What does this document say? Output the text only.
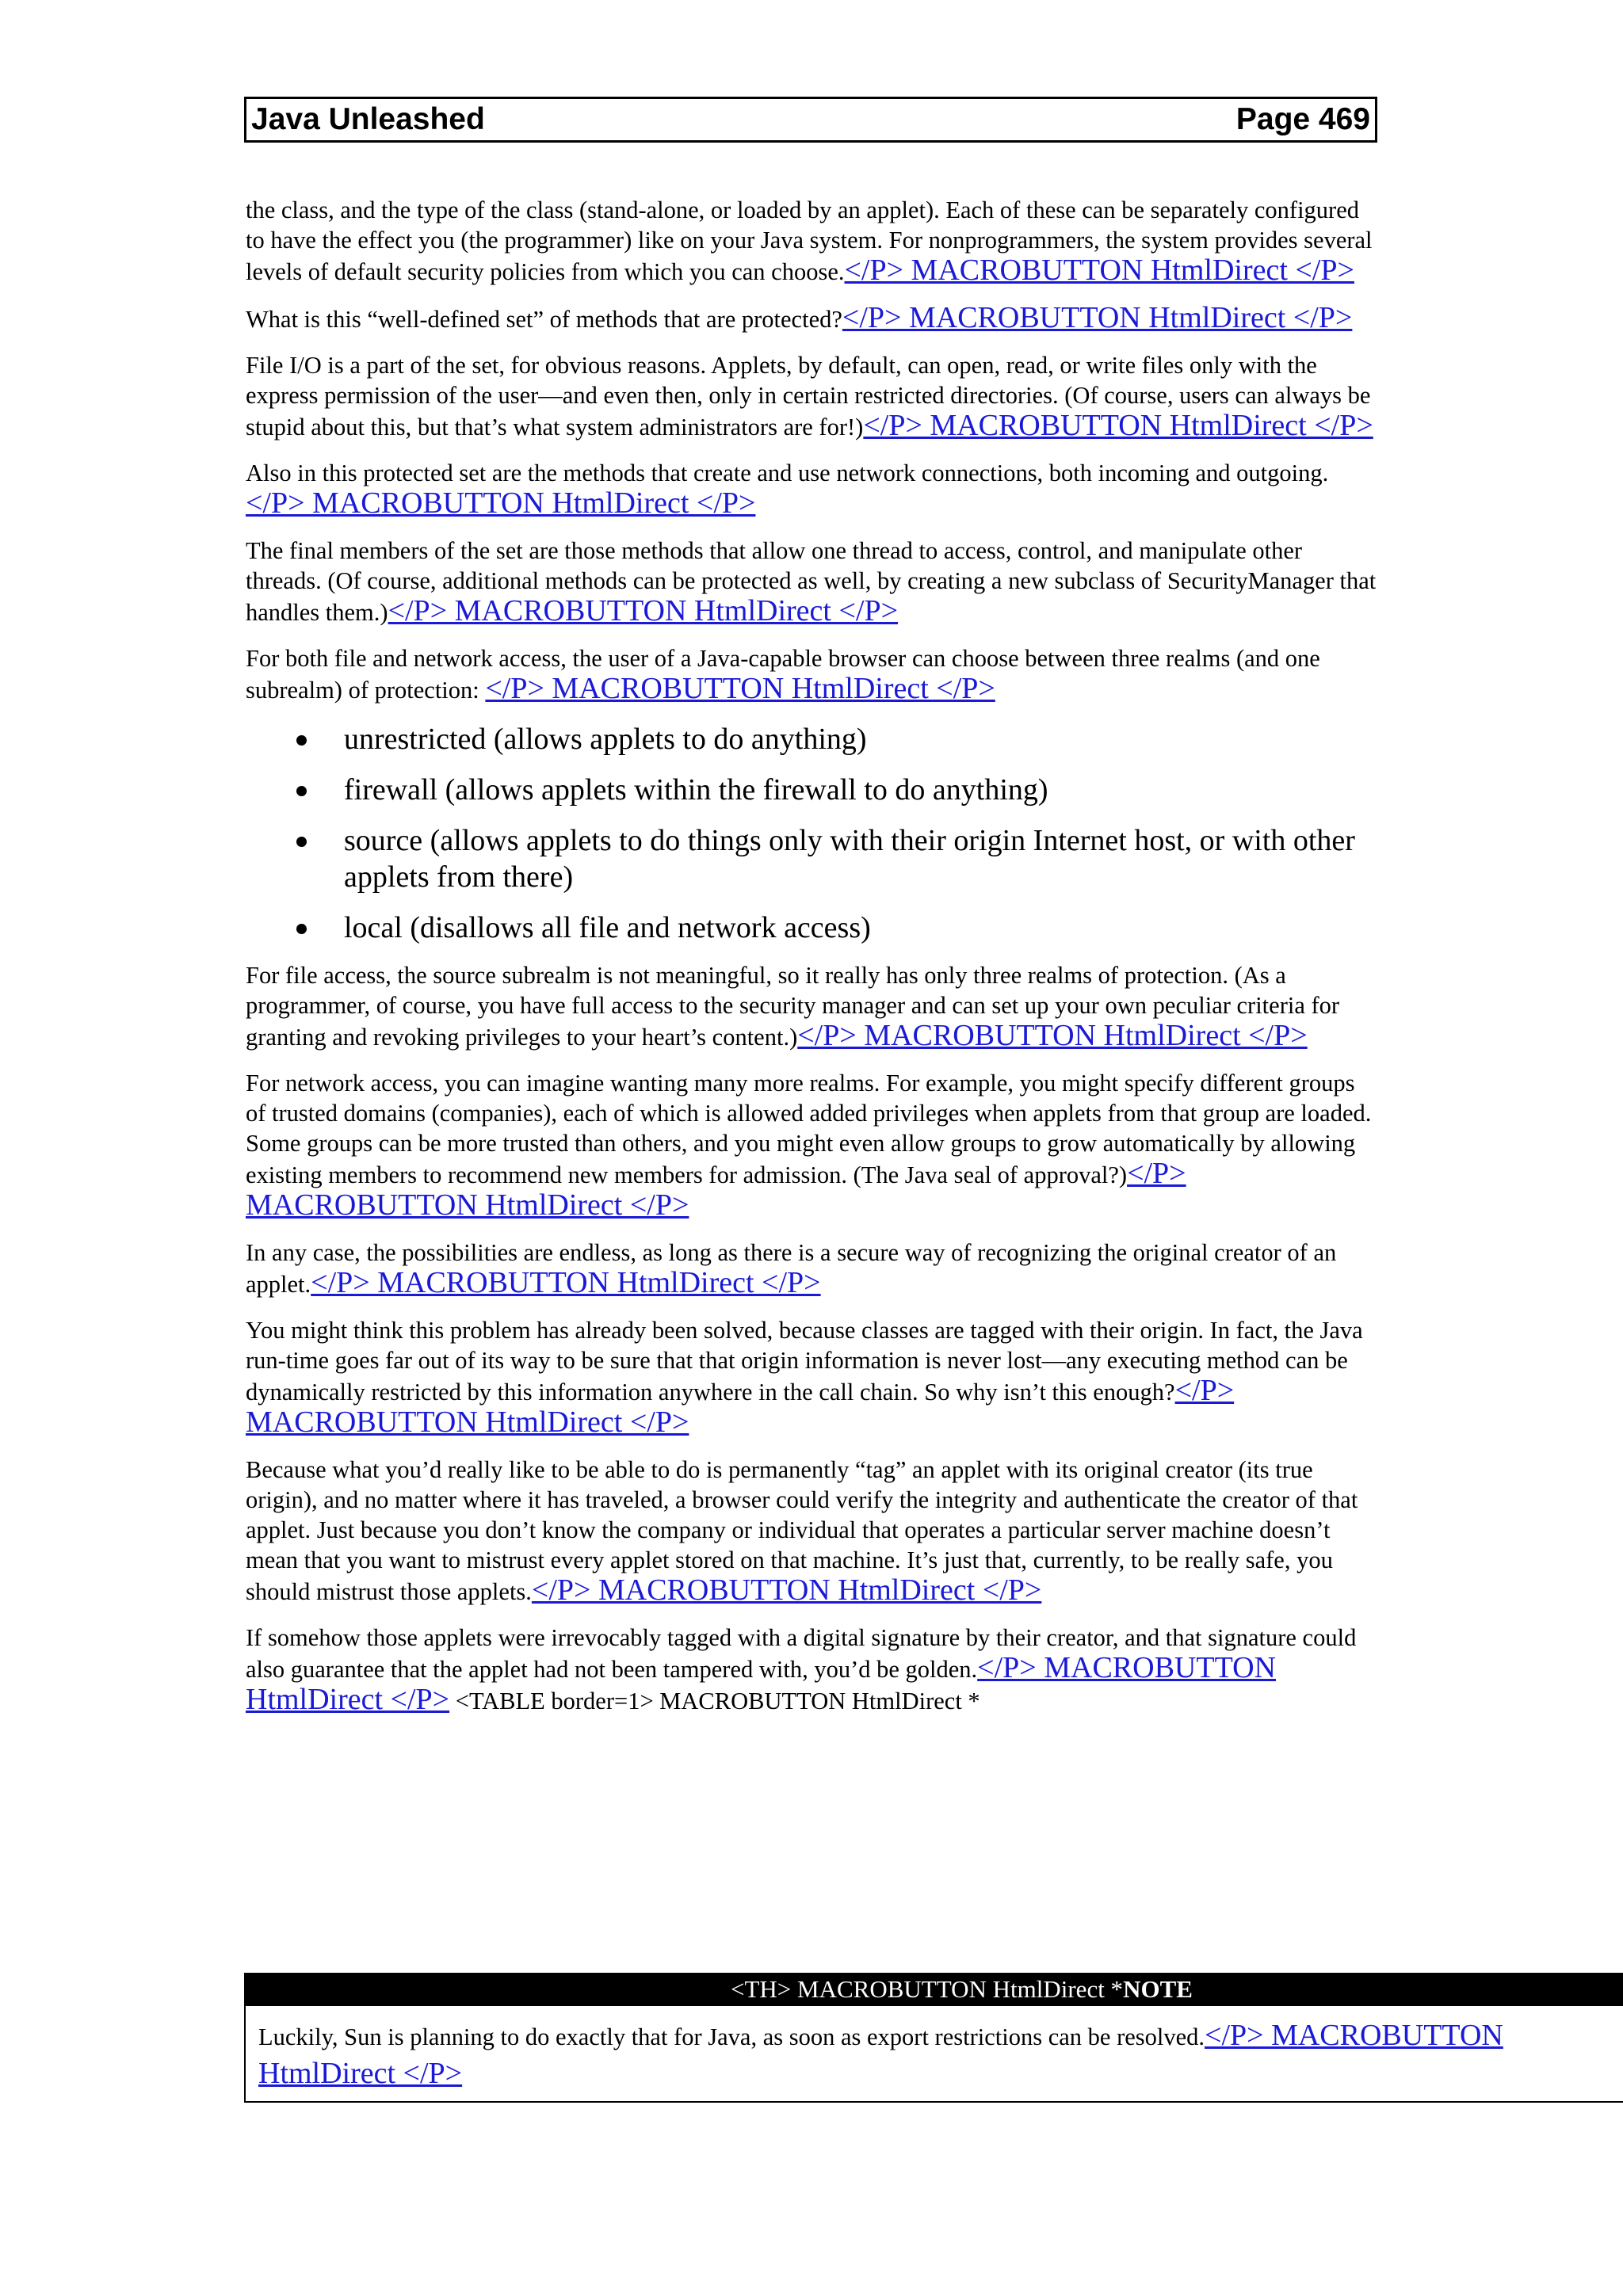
Java Unleashed	Page 469

the class, and the type of the class (stand-alone, or loaded by an applet). Each of these can be separately configured to have the effect you (the programmer) like on your Java system. For nonprogrammers, the system provides several levels of default security policies from which you can choose.</P> MACROBUTTON HtmlDirect </P>

What is this “well-defined set” of methods that are protected?</P> MACROBUTTON HtmlDirect </P>

File I/O is a part of the set, for obvious reasons. Applets, by default, can open, read, or write files only with the express permission of the user—and even then, only in certain restricted directories. (Of course, users can always be stupid about this, but that’s what system administrators are for!)</P> MACROBUTTON HtmlDirect </P>

Also in this protected set are the methods that create and use network connections, both incoming and outgoing.</P> MACROBUTTON HtmlDirect </P>

The final members of the set are those methods that allow one thread to access, control, and manipulate other threads. (Of course, additional methods can be protected as well, by creating a new subclass of SecurityManager that handles them.)</P> MACROBUTTON HtmlDirect </P>

For both file and network access, the user of a Java-capable browser can choose between three realms (and one subrealm) of protection: </P> MACROBUTTON HtmlDirect </P>

unrestricted (allows applets to do anything)
firewall (allows applets within the firewall to do anything)
source (allows applets to do things only with their origin Internet host, or with other applets from there)
local (disallows all file and network access)

For file access, the source subrealm is not meaningful, so it really has only three realms of protection. (As a programmer, of course, you have full access to the security manager and can set up your own peculiar criteria for granting and revoking privileges to your heart’s content.)</P> MACROBUTTON HtmlDirect </P>

For network access, you can imagine wanting many more realms. For example, you might specify different groups of trusted domains (companies), each of which is allowed added privileges when applets from that group are loaded. Some groups can be more trusted than others, and you might even allow groups to grow automatically by allowing existing members to recommend new members for admission. (The Java seal of approval?)</P> MACROBUTTON HtmlDirect </P>

In any case, the possibilities are endless, as long as there is a secure way of recognizing the original creator of an applet.</P> MACROBUTTON HtmlDirect </P>

You might think this problem has already been solved, because classes are tagged with their origin. In fact, the Java run-time goes far out of its way to be sure that that origin information is never lost—any executing method can be dynamically restricted by this information anywhere in the call chain. So why isn’t this enough?</P> MACROBUTTON HtmlDirect </P>

Because what you’d really like to be able to do is permanently “tag” an applet with its original creator (its true origin), and no matter where it has traveled, a browser could verify the integrity and authenticate the creator of that applet. Just because you don’t know the company or individual that operates a particular server machine doesn’t mean that you want to mistrust every applet stored on that machine. It’s just that, currently, to be really safe, you should mistrust those applets.</P> MACROBUTTON HtmlDirect </P>

If somehow those applets were irrevocably tagged with a digital signature by their creator, and that signature could also guarantee that the applet had not been tampered with, you’d be golden.</P> MACROBUTTON HtmlDirect </P> <TABLE border=1> MACROBUTTON HtmlDirect *

<TH> MACROBUTTON HtmlDirect *NOTE
Luckily, Sun is planning to do exactly that for Java, as soon as export restrictions can be resolved.</P> MACROBUTTON HtmlDirect </P>
